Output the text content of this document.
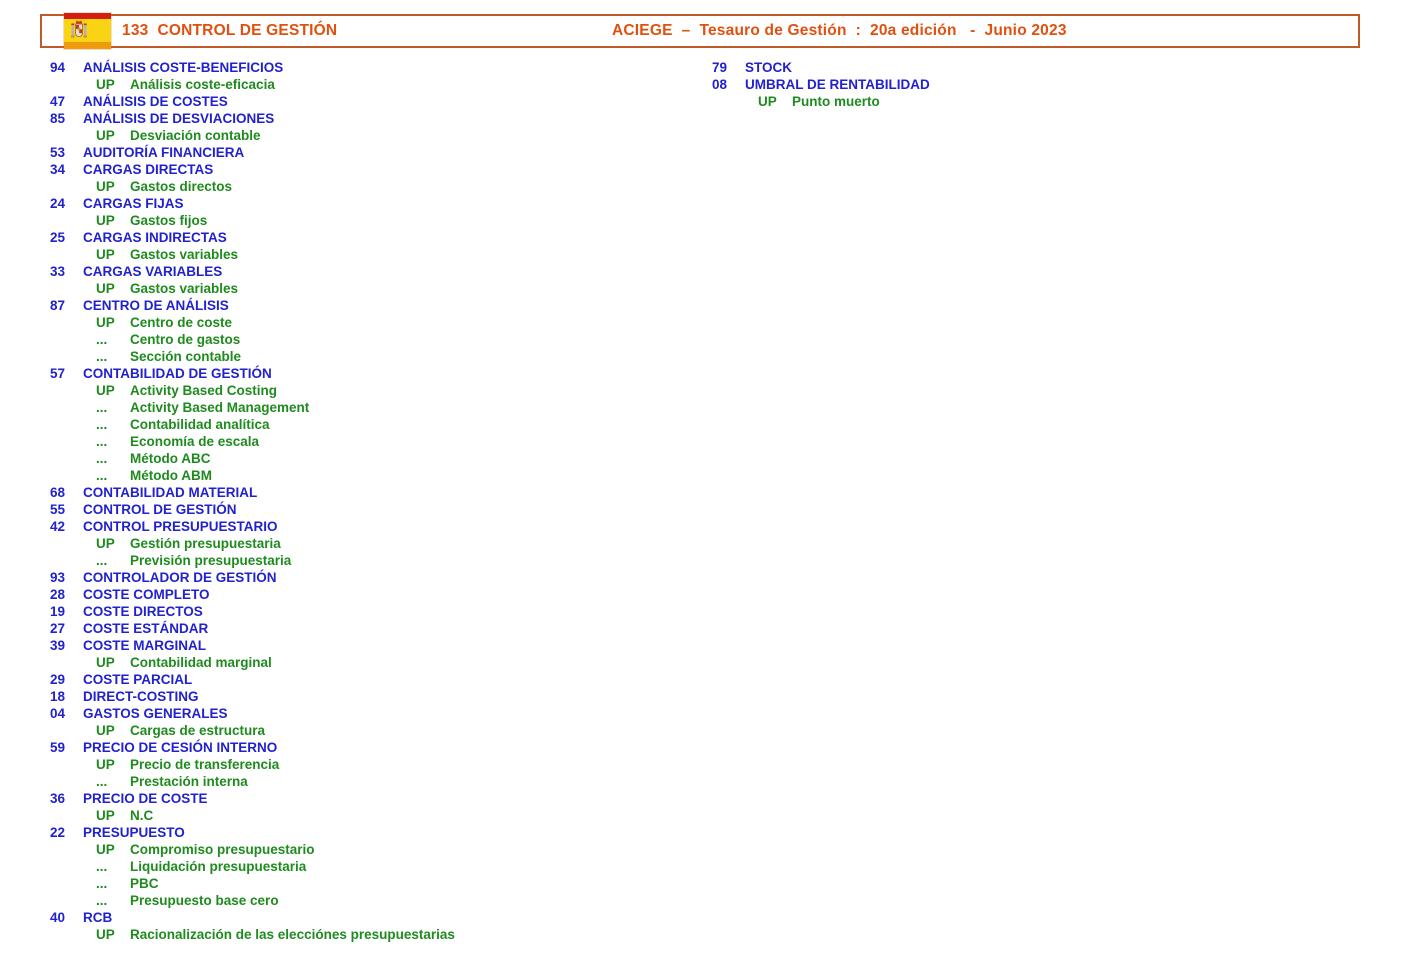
133 CONTROL DE GESTIÓN	ACIEGE  –  Tesauro de Gestión  :  20a edición   -  Junio 2023
94 ANÁLISIS COSTE-BENEFICIOS
UP Análisis coste-eficacia
47 ANÁLISIS DE COSTES
85 ANÁLISIS DE DESVIACIONES
UP Desviación contable
53 AUDITORÍA FINANCIERA
34 CARGAS DIRECTAS
UP Gastos directos
24 CARGAS FIJAS
UP Gastos fijos
25 CARGAS INDIRECTAS
UP Gastos variables
33 CARGAS VARIABLES
UP Gastos variables
87 CENTRO DE ANÁLISIS
UP Centro de coste
... Centro de gastos
... Sección contable
57 CONTABILIDAD DE GESTIÓN
UP Activity Based Costing
... Activity Based Management
... Contabilidad analítica
... Economía de escala
... Método ABC
... Método ABM
68 CONTABILIDAD MATERIAL
55 CONTROL DE GESTIÓN
42 CONTROL PRESUPUESTARIO
UP Gestión presupuestaria
... Previsión presupuestaria
93 CONTROLADOR DE GESTIÓN
28 COSTE COMPLETO
19 COSTE DIRECTOS
27 COSTE ESTÁNDAR
39 COSTE MARGINAL
UP Contabilidad marginal
29 COSTE PARCIAL
18 DIRECT-COSTING
04 GASTOS GENERALES
UP Cargas de estructura
59 PRECIO DE CESIÓN INTERNO
UP Precio de transferencia
... Prestación interna
36 PRECIO DE COSTE
UP N.C
22 PRESUPUESTO
UP Compromiso presupuestario
... Liquidación presupuestaria
... PBC
... Presupuesto base cero
40 RCB
UP Racionalización de las elecciónes presupuestarias
79 STOCK
08 UMBRAL DE RENTABILIDAD
UP Punto muerto
